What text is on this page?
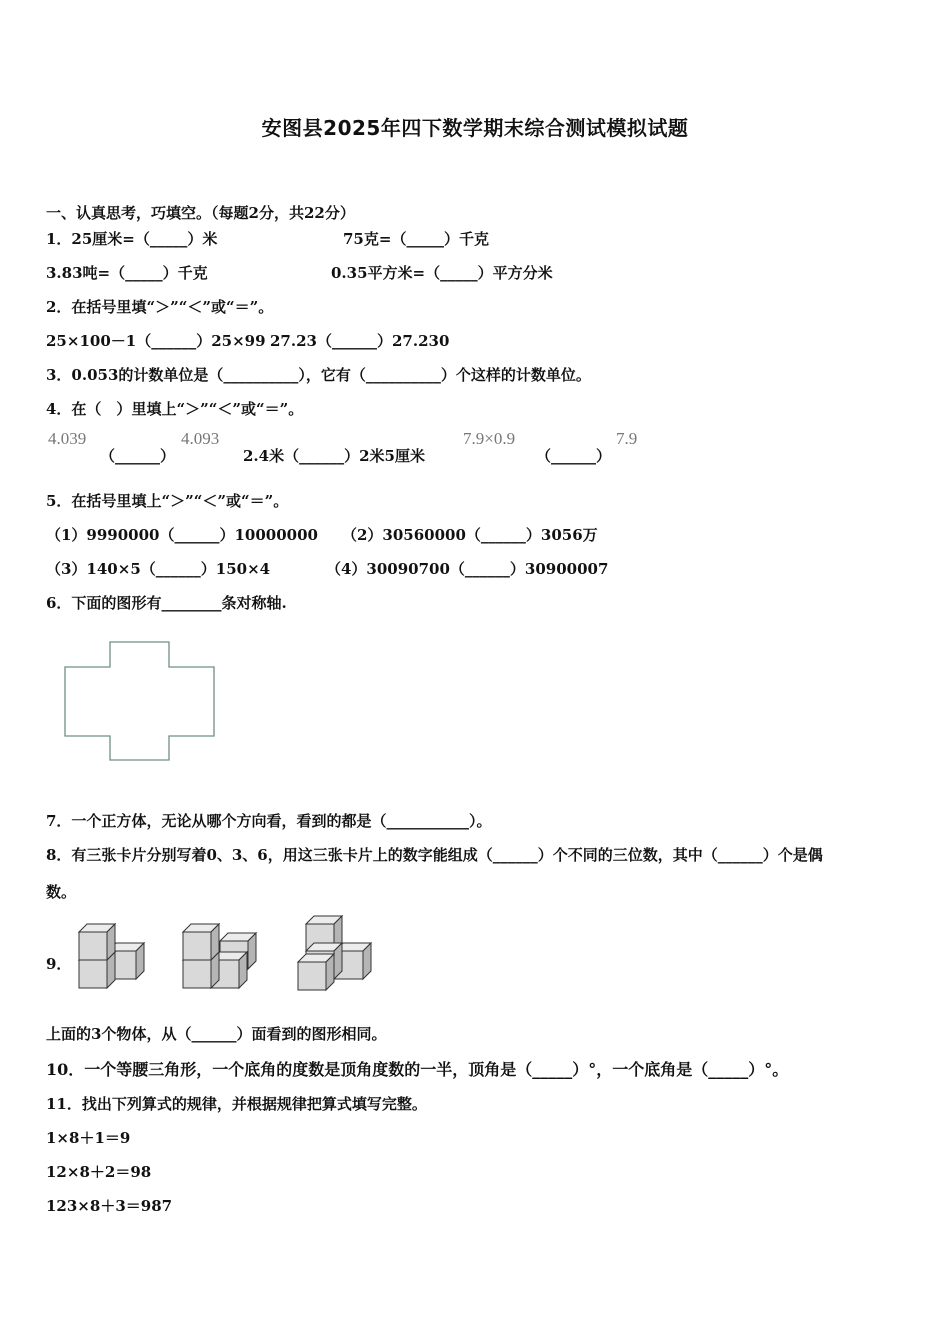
安图县2025年四下数学期末综合测试模拟试题
一、认真思考，巧填空。（每题2分，共22分）
1．25厘米=（_____）米	75克=（_____）千克
3.83吨=（_____）千克	0.35平方米=（_____）平方分米
2．在括号里填“＞”“＜”或“＝”。
25×100－1（______）25×99 27.23（______）27.230
3．0.053的计数单位是（__________），它有（__________）个这样的计数单位。
4．在（　）里填上“＞”“＜”或“＝”。
4.039
（______）
4.093
2.4米（______）2米5厘米
7.9×0.9
（______）
7.9
5．在括号里填上“＞”“＜”或“＝”。
（1）9990000（______）10000000 （2）30560000（______）3056万
（3）140×5（______）150×4	（4）30090700（______）30900007
6．下面的图形有________条对称轴.
7．一个正方体，无论从哪个方向看，看到的都是（___________）。
8．有三张卡片分别写着0、3、6，用这三张卡片上的数字能组成（______）个不同的三位数，其中（______）个是偶
数。
9．
上面的3个物体，从（______）面看到的图形相同。
10．一个等腰三角形，一个底角的度数是顶角度数的一半，顶角是（_____）°，一个底角是（_____）°。
11．找出下列算式的规律，并根据规律把算式填写完整。
1×8＋1＝9
12×8＋2＝98
123×8＋3＝987
